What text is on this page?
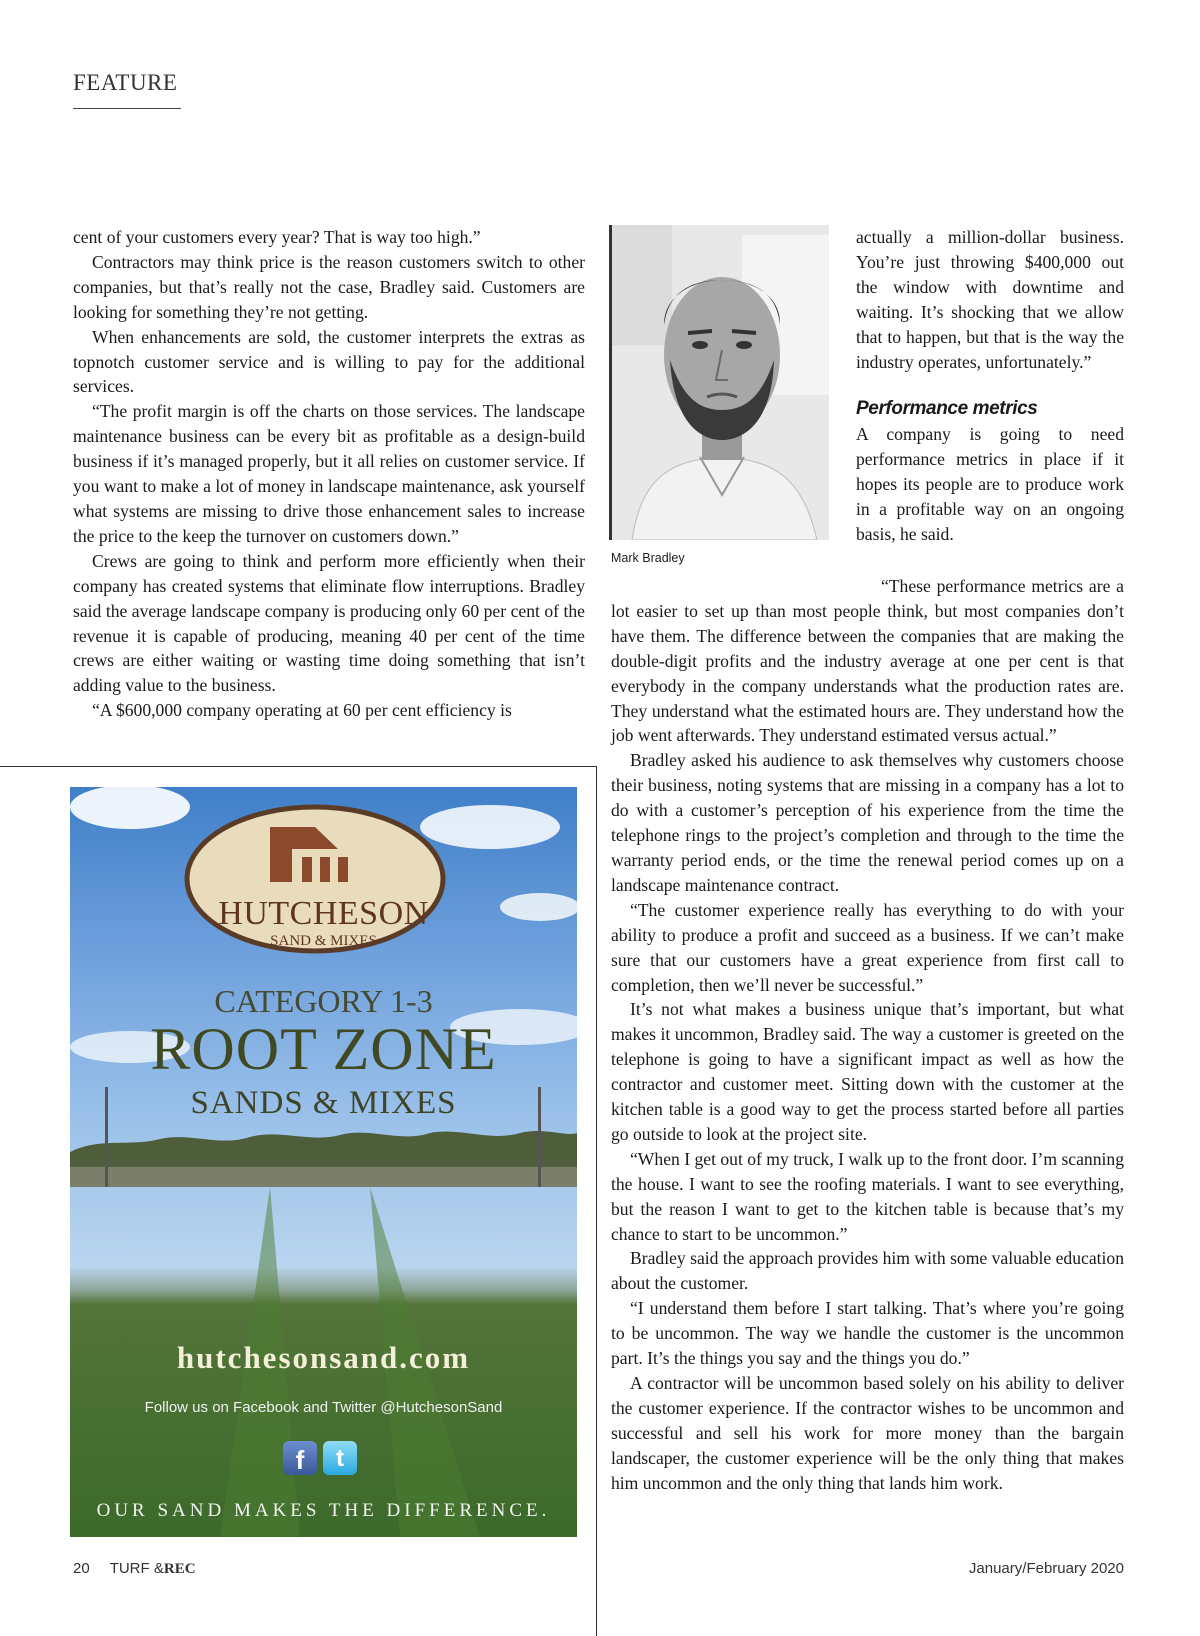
FEATURE

cent of your customers every year? That is way too high.”

Contractors may think price is the reason customers switch to other companies, but that’s really not the case, Bradley said. Customers are looking for something they’re not getting.

When enhancements are sold, the customer interprets the extras as topnotch customer service and is willing to pay for the additional services.

“The profit margin is off the charts on those services. The landscape maintenance business can be every bit as profitable as a design-build business if it’s managed properly, but it all relies on customer service. If you want to make a lot of money in landscape maintenance, ask yourself what systems are missing to drive those enhancement sales to increase the price to the keep the turnover on customers down.”

Crews are going to think and perform more efficiently when their company has created systems that eliminate flow interruptions. Bradley said the average landscape company is producing only 60 per cent of the revenue it is capable of producing, meaning 40 per cent of the time crews are either waiting or wasting time doing something that isn’t adding value to the business.

“A $600,000 company operating at 60 per cent efficiency is

Mark Bradley

actually a million-dollar business. You’re just throwing $400,000 out the window with downtime and waiting. It’s shocking that we allow that to happen, but that is the way the industry operates, unfortunately.”

Performance metrics

A company is going to need performance metrics in place if it hopes its people are to produce work in a profitable way on an ongoing basis, he said.

“These performance metrics are a lot easier to set up than most people think, but most companies don’t have them. The difference between the companies that are making the double-digit profits and the industry average at one per cent is that everybody in the company understands what the production rates are. They understand what the estimated hours are. They understand how the job went afterwards. They understand estimated versus actual.”

Bradley asked his audience to ask themselves why customers choose their business, noting systems that are missing in a company has a lot to do with a customer’s perception of his experience from the time the telephone rings to the project’s completion and through to the time the warranty period ends, or the time the renewal period comes up on a landscape maintenance contract.

“The customer experience really has everything to do with your ability to produce a profit and succeed as a business. If we can’t make sure that our customers have a great experience from first call to completion, then we’ll never be successful.”

It’s not what makes a business unique that’s important, but what makes it uncommon, Bradley said. The way a customer is greeted on the telephone is going to have a significant impact as well as how the contractor and customer meet. Sitting down with the customer at the kitchen table is a good way to get the process started before all parties go outside to look at the project site.

“When I get out of my truck, I walk up to the front door. I’m scanning the house. I want to see the roofing materials. I want to see everything, but the reason I want to get to the kitchen table is because that’s my chance to start to be uncommon.”

Bradley said the approach provides him with some valuable education about the customer.

“I understand them before I start talking. That’s where you’re going to be uncommon. The way we handle the customer is the uncommon part. It’s the things you say and the things you do.”

A contractor will be uncommon based solely on his ability to deliver the customer experience. If the contractor wishes to be uncommon and successful and sell his work for more money than the bargain landscaper, the customer experience will be the only thing that makes him uncommon and the only thing that lands him work.

HUTCHESON
SAND & MIXES
CATEGORY 1-3
ROOT ZONE
SANDS & MIXES
hutchesonsand.com
Follow us on Facebook and Twitter @HutchesonSand
f	t
OUR SAND MAKES THE DIFFERENCE.
20 TURF &REC	January/February 2020
